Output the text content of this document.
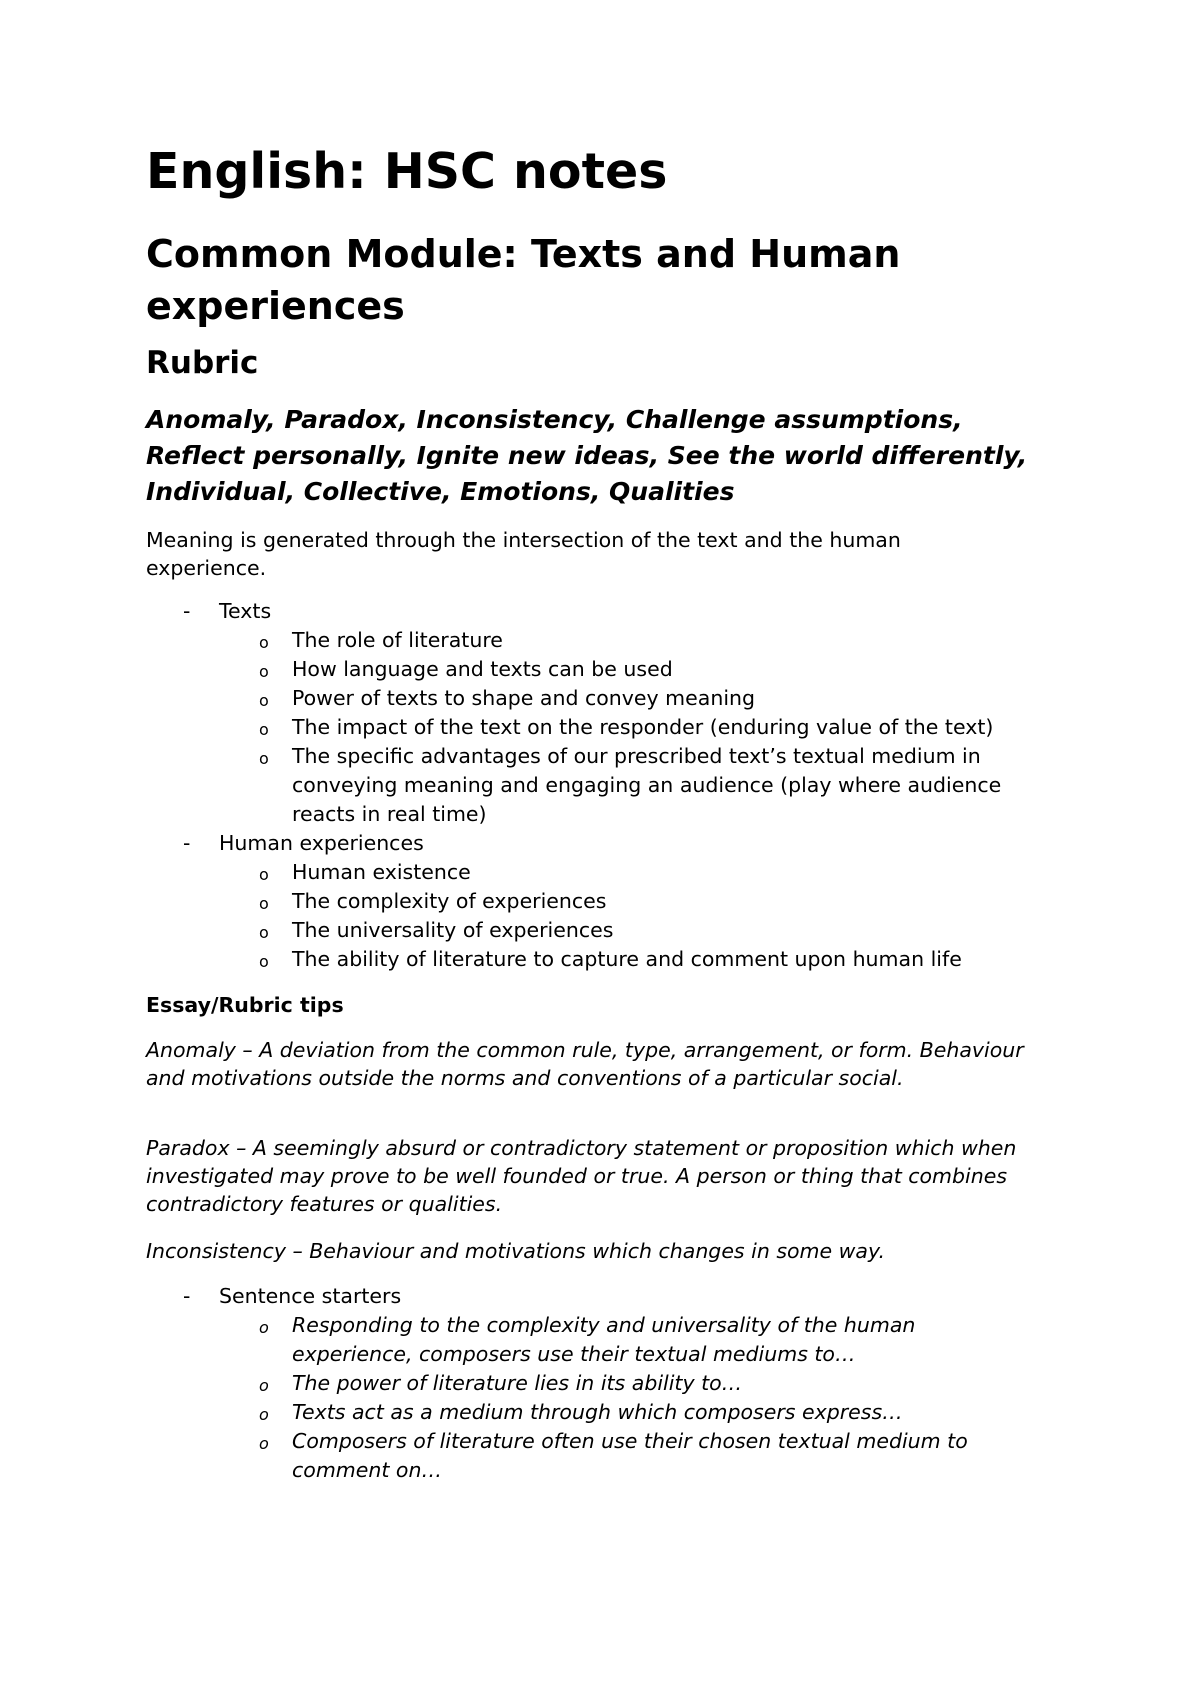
English: HSC notes
Common Module: Texts and Human experiences
Rubric

Anomaly, Paradox, Inconsistency, Challenge assumptions, Reflect personally, Ignite new ideas, See the world differently, Individual, Collective, Emotions, Qualities

Meaning is generated through the intersection of the text and the human experience.

- Texts
o The role of literature
o How language and texts can be used
o Power of texts to shape and convey meaning
o The impact of the text on the responder (enduring value of the text)
o The specific advantages of our prescribed text’s textual medium in conveying meaning and engaging an audience (play where audience reacts in real time)
- Human experiences
o Human existence
o The complexity of experiences
o The universality of experiences
o The ability of literature to capture and comment upon human life
Essay/Rubric tips

Anomaly – A deviation from the common rule, type, arrangement, or form. Behaviour and motivations outside the norms and conventions of a particular social.

Paradox – A seemingly absurd or contradictory statement or proposition which when investigated may prove to be well founded or true. A person or thing that combines contradictory features or qualities.

Inconsistency – Behaviour and motivations which changes in some way.

- Sentence starters
o Responding to the complexity and universality of the human experience, composers use their textual mediums to…
o The power of literature lies in its ability to…
o Texts act as a medium through which composers express…
o Composers of literature often use their chosen textual medium to comment on…
